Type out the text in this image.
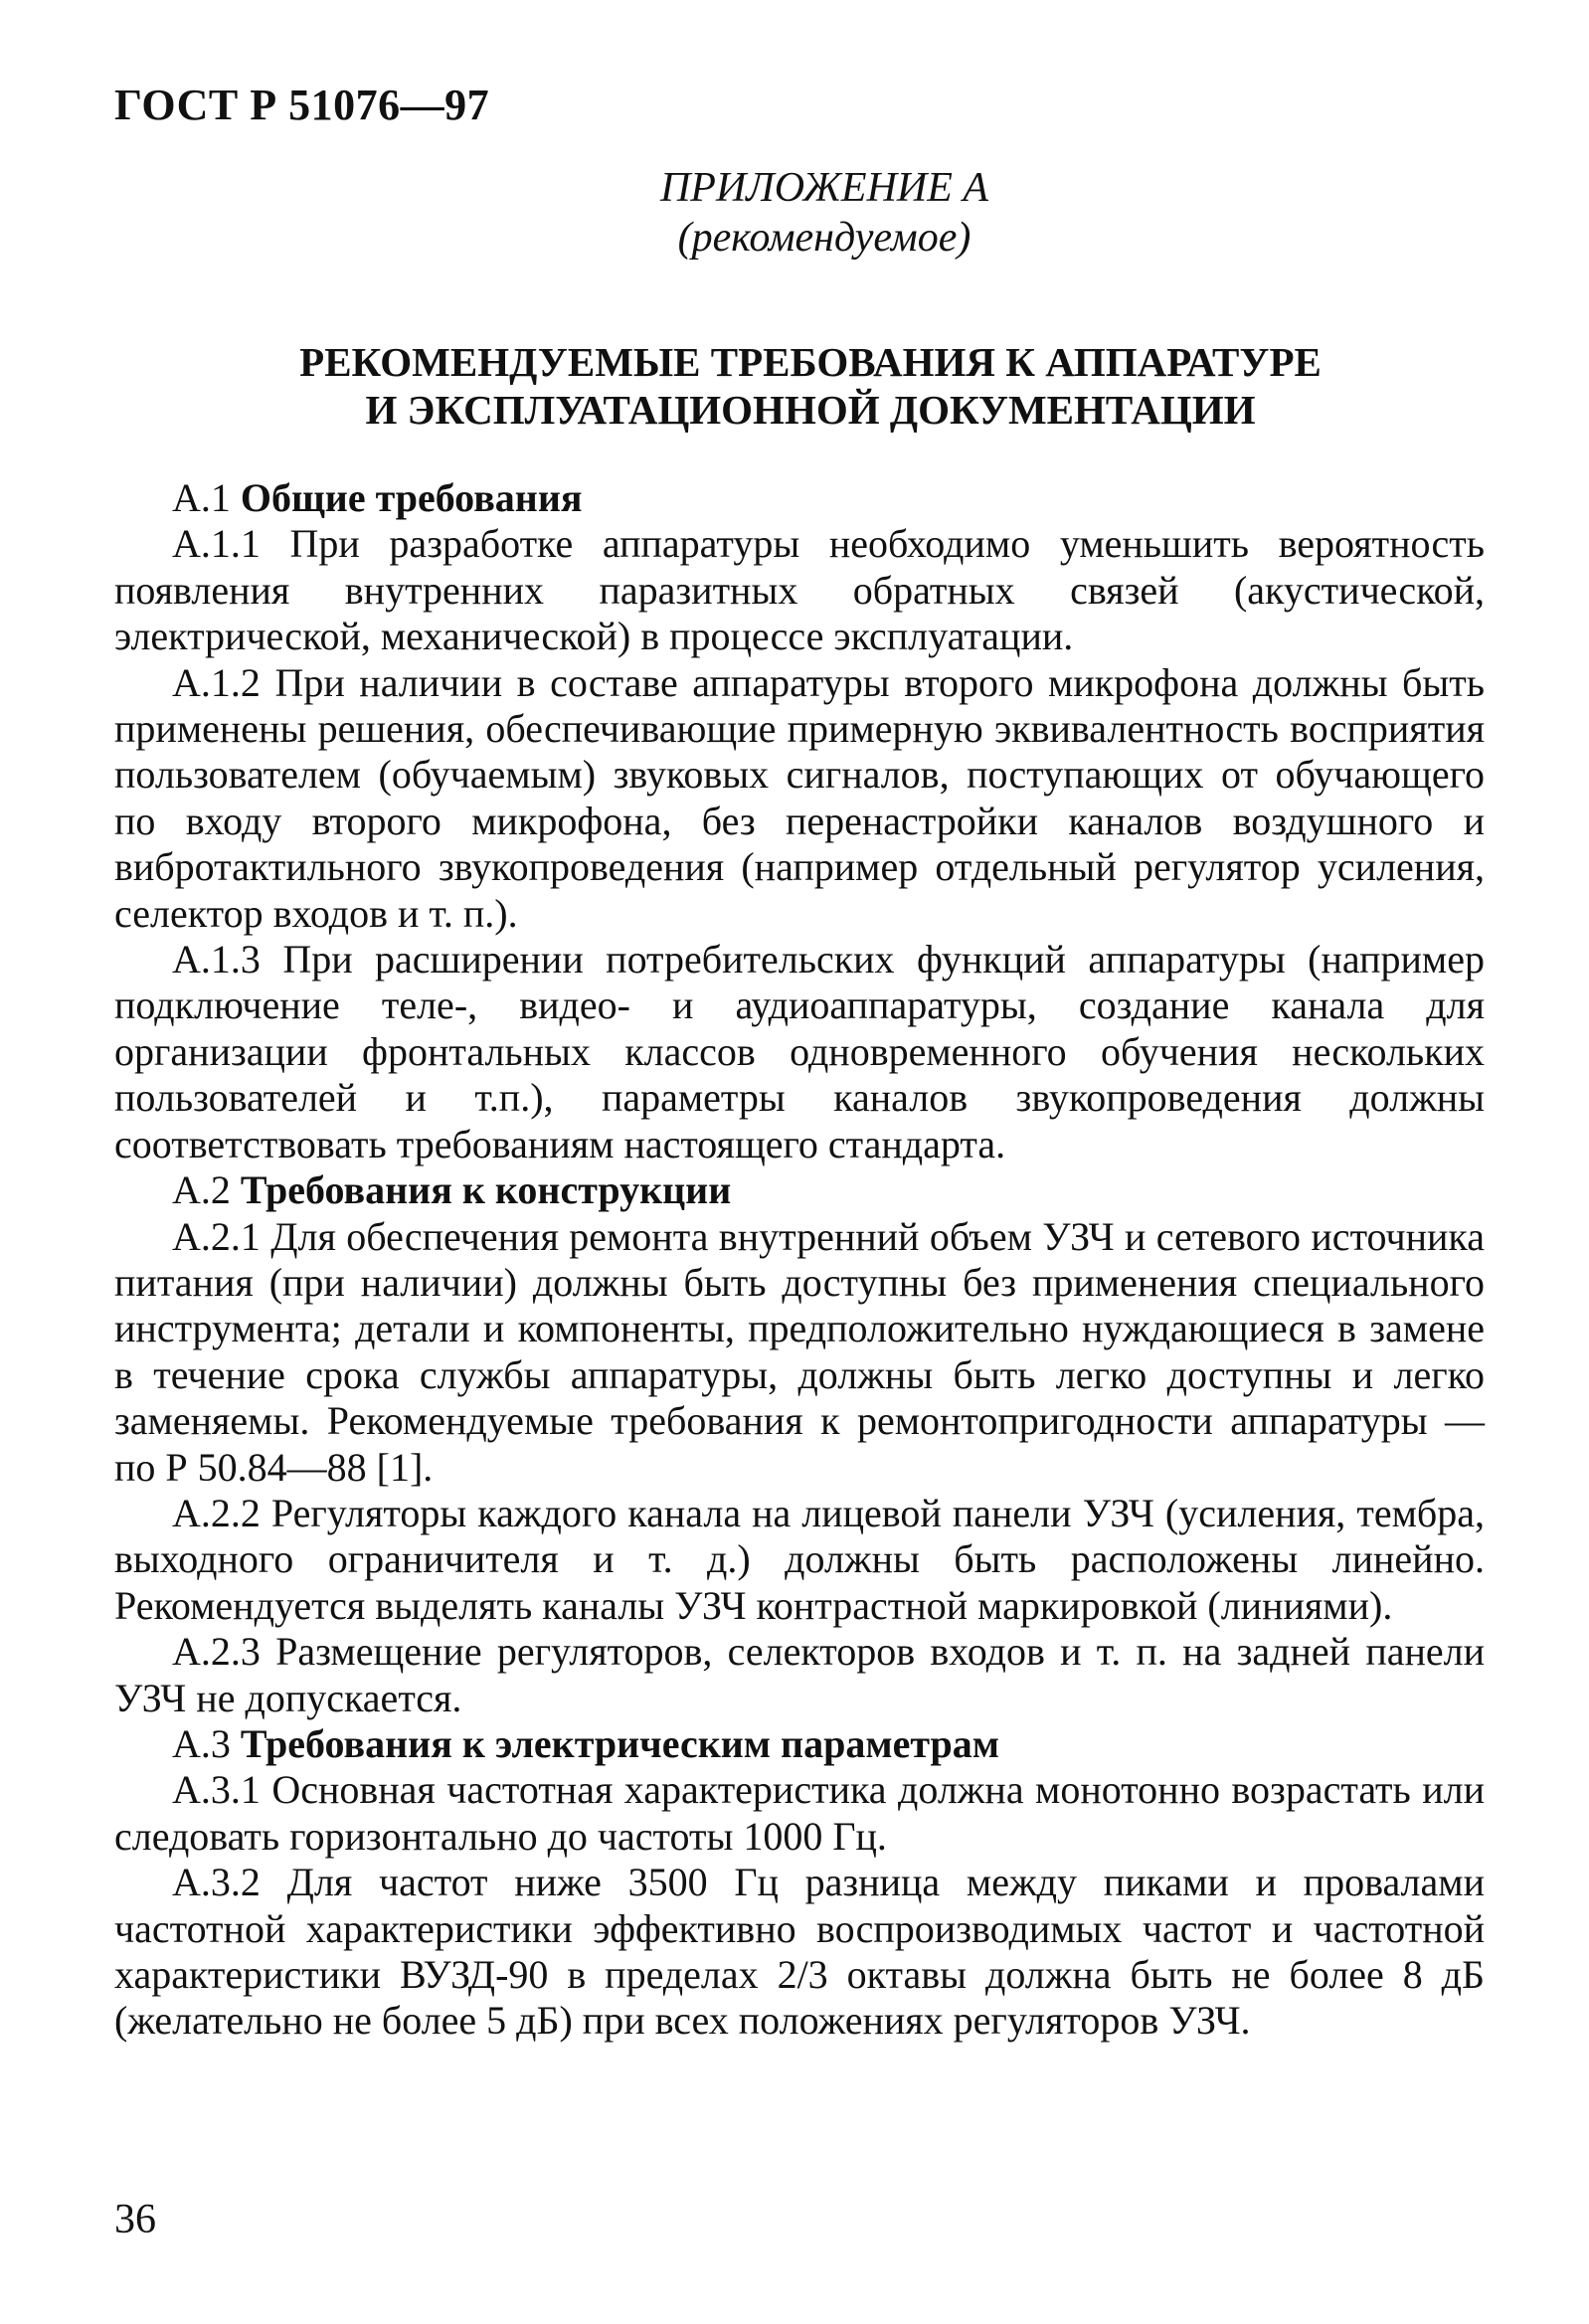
ГОСТ Р 51076—97
ПРИЛОЖЕНИЕ А
(рекомендуемое)
РЕКОМЕНДУЕМЫЕ ТРЕБОВАНИЯ К АППАРАТУРЕ
И ЭКСПЛУАТАЦИОННОЙ ДОКУМЕНТАЦИИ

А.1 Общие требования

А.1.1 При разработке аппаратуры необходимо уменьшить вероятность появления внутренних паразитных обратных связей (акустической, электрической, механической) в процессе эксплуатации.

А.1.2 При наличии в составе аппаратуры второго микрофона должны быть применены решения, обеспечивающие примерную эквивалентность восприятия пользователем (обучаемым) звуковых сигналов, поступающих от обучающего по входу второго микрофона, без перенастройки каналов воздушного и вибротактильного звукопроведения (например отдельный регулятор усиления, селектор входов и т. п.).

А.1.3 При расширении потребительских функций аппаратуры (например подключение теле-, видео- и аудиоаппаратуры, создание канала для организации фронтальных классов одновременного обучения нескольких пользователей и т.п.), параметры каналов звукопроведения должны соответствовать требованиям настоящего стандарта.

А.2 Требования к конструкции

А.2.1 Для обеспечения ремонта внутренний объем УЗЧ и сетевого источника питания (при наличии) должны быть доступны без применения специального инструмента; детали и компоненты, предположительно нуждающиеся в замене в течение срока службы аппаратуры, должны быть легко доступны и легко заменяемы. Рекомендуемые требования к ремонтопригодности аппаратуры — по Р 50.84—88 [1].

А.2.2 Регуляторы каждого канала на лицевой панели УЗЧ (усиления, тембра, выходного ограничителя и т. д.) должны быть расположены линейно. Рекомендуется выделять каналы УЗЧ контрастной маркировкой (линиями).

А.2.3 Размещение регуляторов, селекторов входов и т. п. на задней панели УЗЧ не допускается.

А.3 Требования к электрическим параметрам

А.3.1 Основная частотная характеристика должна монотонно возрастать или следовать горизонтально до частоты 1000 Гц.

А.3.2 Для частот ниже 3500 Гц разница между пиками и провалами частотной характеристики эффективно воспроизводимых частот и частотной характеристики ВУЗД-90 в пределах 2/3 октавы должна быть не более 8 дБ (желательно не более 5 дБ) при всех положениях регуляторов УЗЧ.

36
